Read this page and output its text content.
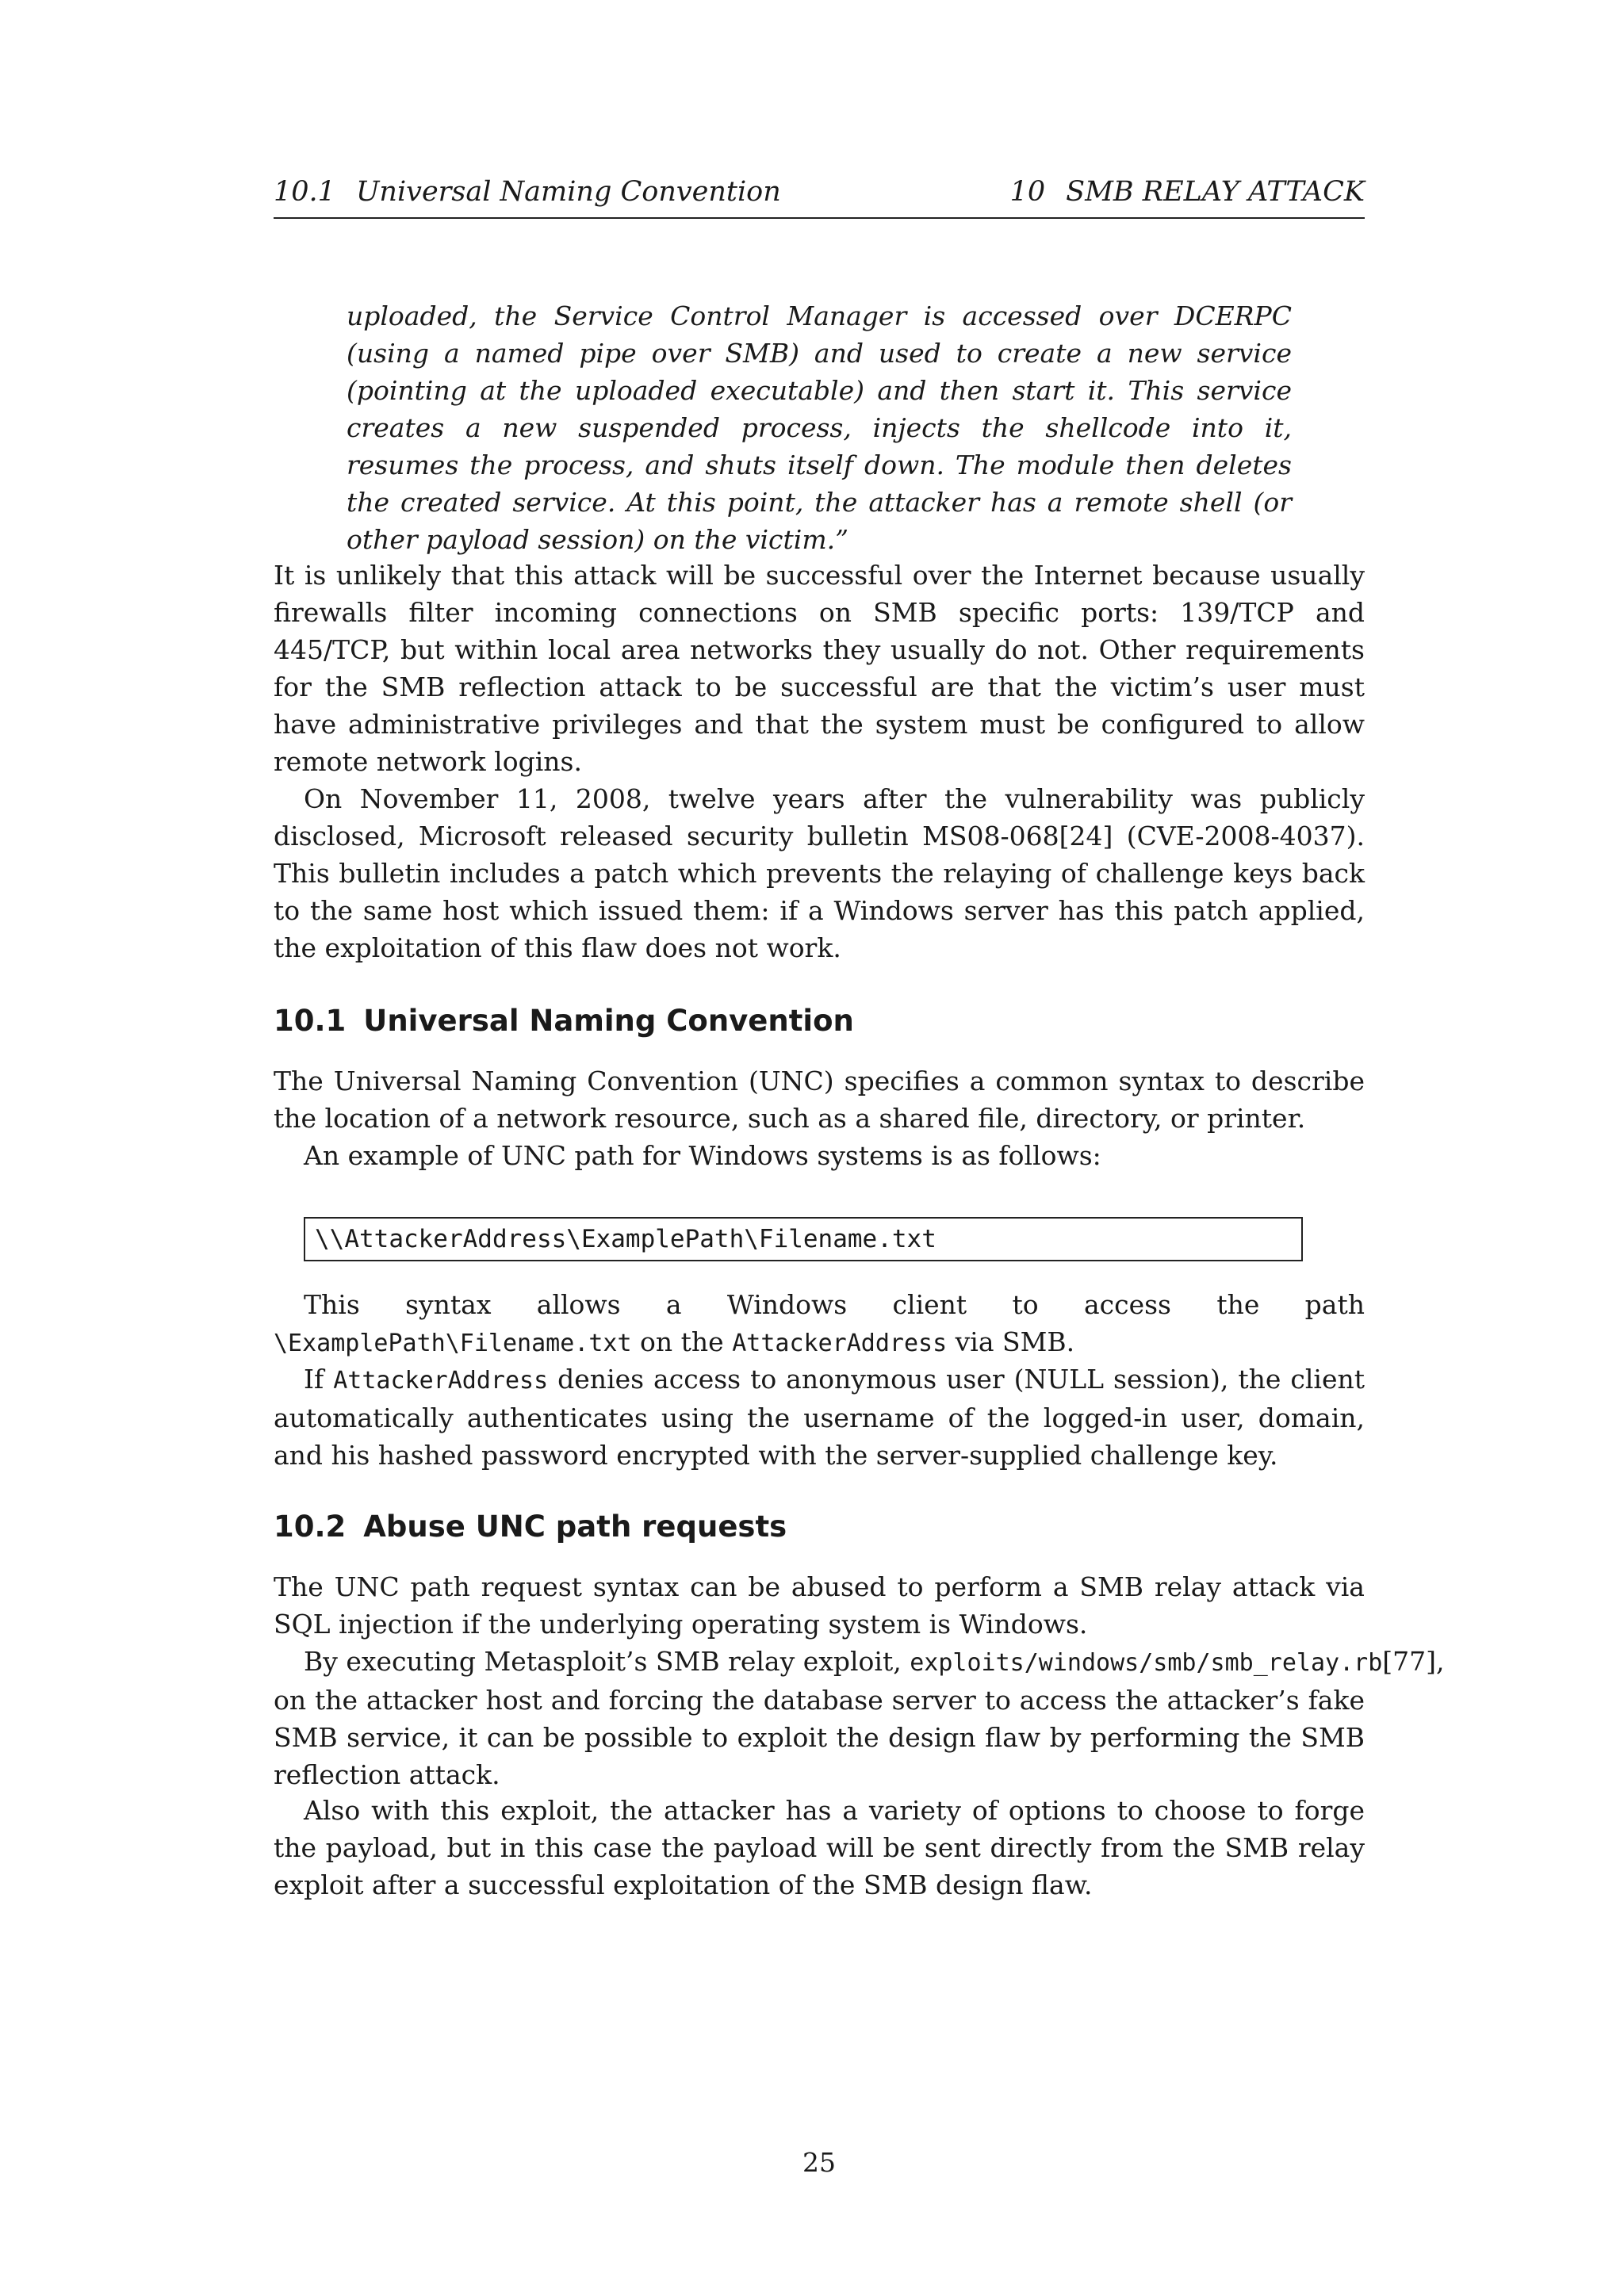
10.1 Universal Naming Convention	10 SMB RELAY ATTACK

uploaded, the Service Control Manager is accessed over DCERPC (using a named pipe over SMB) and used to create a new service (pointing at the uploaded executable) and then start it. This service creates a new suspended process, injects the shellcode into it, resumes the process, and shuts itself down. The module then deletes the created service. At this point, the attacker has a remote shell (or other payload session) on the victim.”

It is unlikely that this attack will be successful over the Internet because usually firewalls filter incoming connections on SMB specific ports: 139/TCP and 445/TCP, but within local area networks they usually do not. Other requirements for the SMB reflection attack to be successful are that the victim’s user must have administrative privileges and that the system must be configured to allow remote network logins.

On November 11, 2008, twelve years after the vulnerability was publicly disclosed, Microsoft released security bulletin MS08-068[24] (CVE-2008-4037). This bulletin includes a patch which prevents the relaying of challenge keys back to the same host which issued them: if a Windows server has this patch applied, the exploitation of this flaw does not work.

10.1 Universal Naming Convention

The Universal Naming Convention (UNC) specifies a common syntax to describe the location of a network resource, such as a shared file, directory, or printer.

An example of UNC path for Windows systems is as follows:

\\AttackerAddress\ExamplePath\Filename.txt

This syntax allows a Windows client to access the path \ExamplePath\Filename.txt on the AttackerAddress via SMB.

If AttackerAddress denies access to anonymous user (NULL session), the client automatically authenticates using the username of the logged-in user, domain, and his hashed password encrypted with the server-supplied challenge key.

10.2 Abuse UNC path requests

The UNC path request syntax can be abused to perform a SMB relay attack via SQL injection if the underlying operating system is Windows.

By executing Metasploit’s SMB relay exploit, exploits/windows/smb/smb_relay.rb[77],
on the attacker host and forcing the database server to access the attacker’s fake SMB service, it can be possible to exploit the design flaw by performing the SMB reflection attack.

Also with this exploit, the attacker has a variety of options to choose to forge the payload, but in this case the payload will be sent directly from the SMB relay exploit after a successful exploitation of the SMB design flaw.

25
